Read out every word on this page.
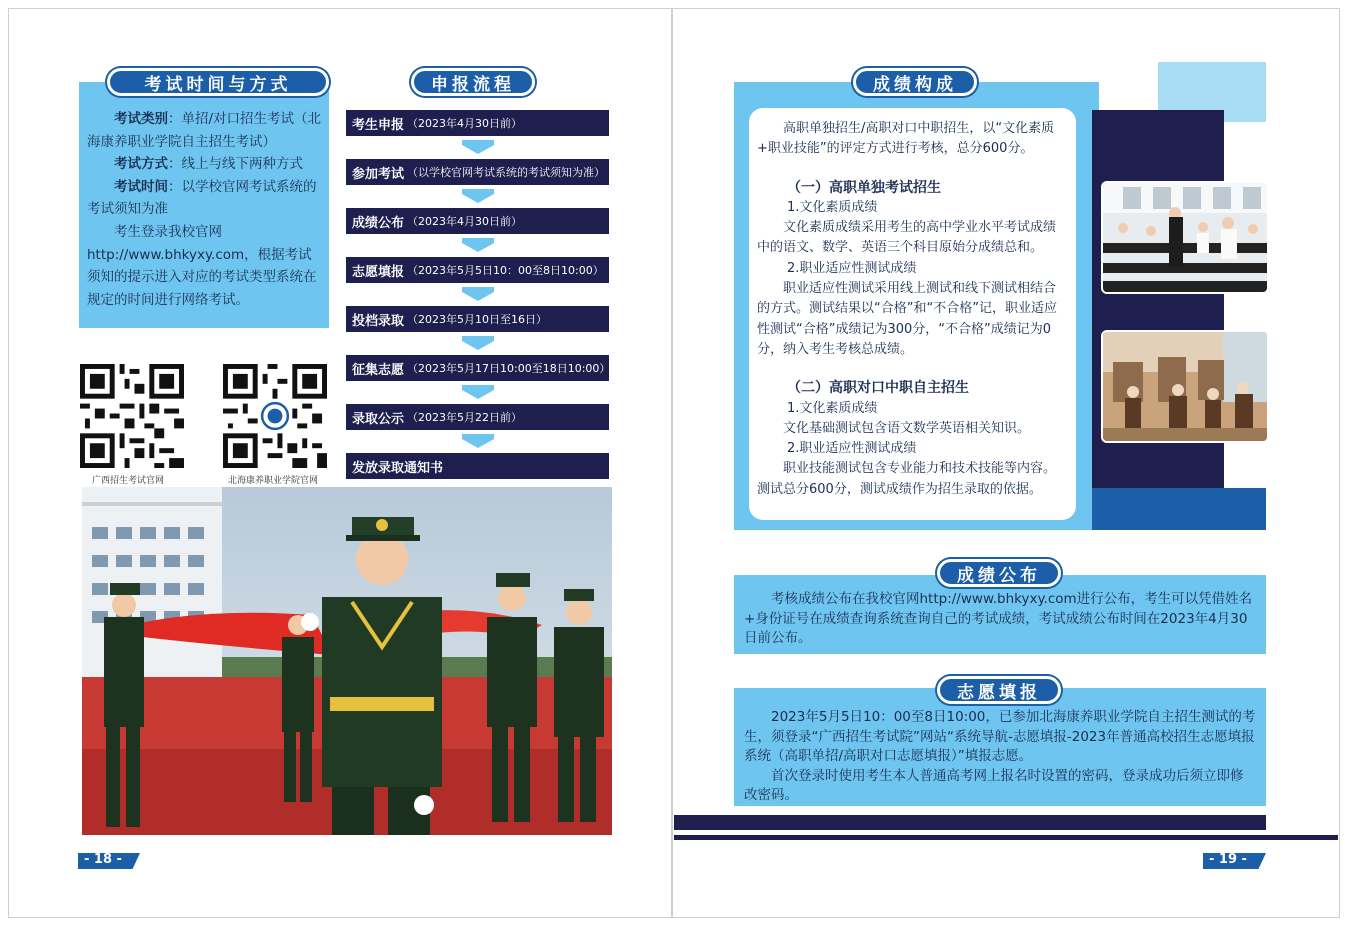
考试时间与方式

考试类别：单招/对口招生考试（北海康养职业学院自主招生考试）

考试方式：线上与线下两种方式

考试时间：以学校官网考试系统的考试须知为准

考生登录我校官网http://www.bhkyxy.com，根据考试须知的提示进入对应的考试类型系统在规定的时间进行网络考试。

申报流程
考生申报 （2023年4月30日前）
参加考试 （以学校官网考试系统的考试须知为准）
成绩公布 （2023年4月30日前）
志愿填报 （2023年5月5日10：00至8日10:00）
投档录取 （2023年5月10日至16日）
征集志愿 （2023年5月17日10:00至18日10:00）
录取公示 （2023年5月22日前）
发放录取通知书
广西招生考试官网	北海康养职业学院官网
- 18 -
成绩构成

高职单独招生/高职对口中职招生，以“文化素质+职业技能”的评定方式进行考核，总分600分。

（一）高职单独考试招生

1.文化素质成绩

文化素质成绩采用考生的高中学业水平考试成绩中的语文、数学、英语三个科目原始分成绩总和。

2.职业适应性测试成绩

职业适应性测试采用线上测试和线下测试相结合的方式。测试结果以“合格”和“不合格”记，职业适应性测试“合格”成绩记为300分，“不合格”成绩记为0分，纳入考生考核总成绩。

（二）高职对口中职自主招生

1.文化素质成绩

文化基础测试包含语文数学英语相关知识。

2.职业适应性测试成绩

职业技能测试包含专业能力和技术技能等内容。测试总分600分，测试成绩作为招生录取的依据。

考核成绩公布在我校官网http://www.bhkyxy.com进行公布，考生可以凭借姓名+身份证号在成绩查询系统查询自己的考试成绩，考试成绩公布时间在2023年4月30日前公布。

成绩公布

2023年5月5日10：00至8日10:00，已参加北海康养职业学院自主招生测试的考生，须登录“广西招生考试院”网站“系统导航-志愿填报-2023年普通高校招生志愿填报系统（高职单招/高职对口志愿填报）”填报志愿。

首次登录时使用考生本人普通高考网上报名时设置的密码，登录成功后须立即修改密码。

志愿填报
- 19 -
